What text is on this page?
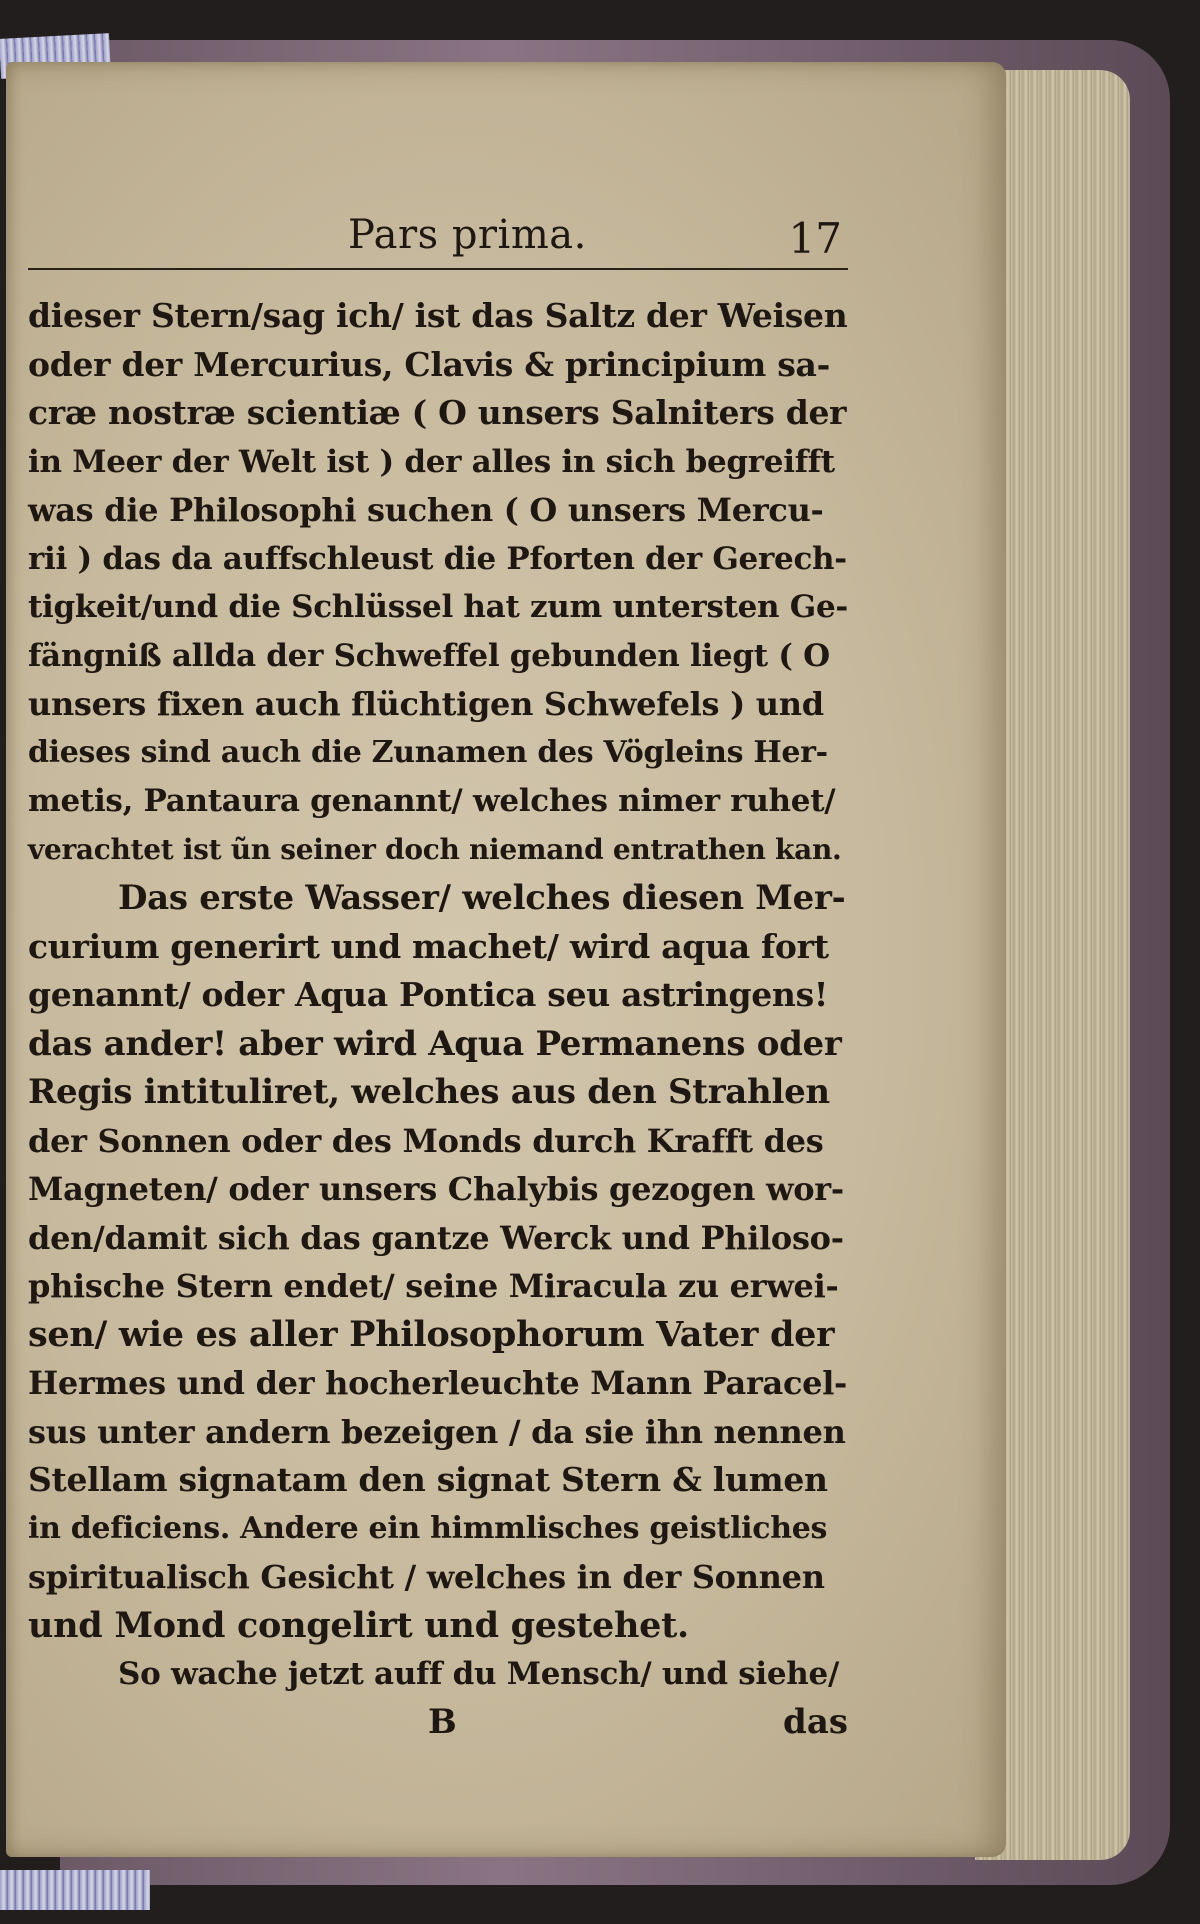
Pars prima.	17
dieser Stern/sag ich/ ist das Saltz der Weisen
oder der Mercurius, Clavis & principium sa-
cræ nostræ scientiæ ( O unsers Salniters der
in Meer der Welt ist ) der alles in sich begreifft
was die Philosophi suchen ( O unsers Mercu-
rii ) das da auffschleust die Pforten der Gerech-
tigkeit/und die Schlüssel hat zum untersten Ge-
fängniß allda der Schweffel gebunden liegt ( O
unsers fixen auch flüchtigen Schwefels ) und
dieses sind auch die Zunamen des Vögleins Her-
metis, Pantaura genannt/ welches nimer ruhet/
verachtet ist ũn seiner doch niemand entrathen kan.
Das erste Wasser/ welches diesen Mer-
curium generirt und machet/ wird aqua fort
genannt/ oder Aqua Pontica seu astringens!
das ander! aber wird Aqua Permanens oder
Regis intituliret, welches aus den Strahlen
der Sonnen oder des Monds durch Krafft des
Magneten/ oder unsers Chalybis gezogen wor-
den/damit sich das gantze Werck und Philoso-
phische Stern endet/ seine Miracula zu erwei-
sen/ wie es aller Philosophorum Vater der
Hermes und der hocherleuchte Mann Paracel-
sus unter andern bezeigen / da sie ihn nennen
Stellam signatam den signat Stern & lumen
in deficiens. Andere ein himmlisches geistliches
spiritualisch Gesicht / welches in der Sonnen
und Mond congelirt und gestehet.
So wache jetzt auff du Mensch/ und siehe/
B	das
